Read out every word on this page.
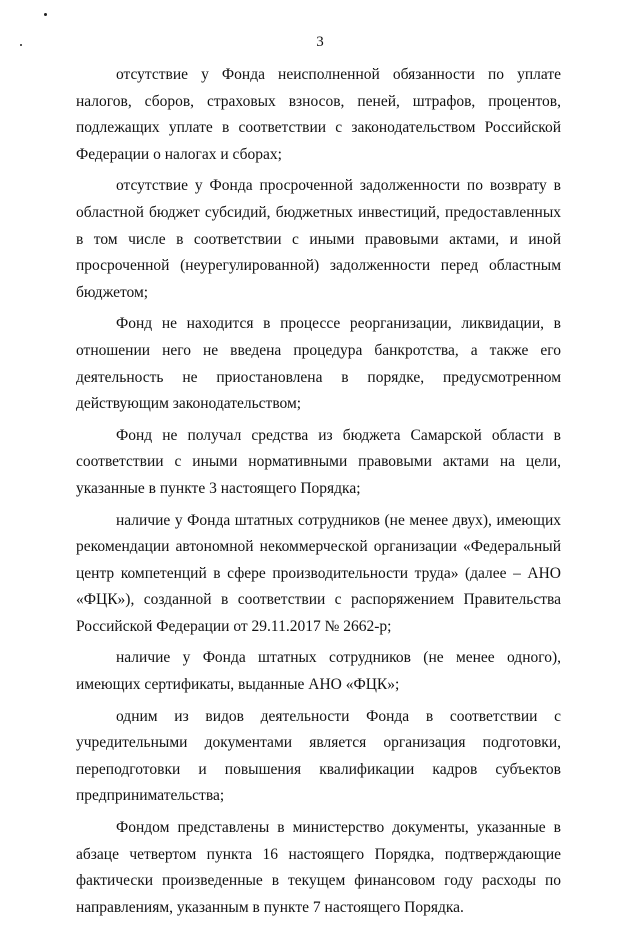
3

отсутствие у Фонда неисполненной обязанности по уплате налогов, сборов, страховых взносов, пеней, штрафов, процентов, подлежащих уплате в соответствии с законодательством Российской Федерации о налогах и сборах;

отсутствие у Фонда просроченной задолженности по возврату в областной бюджет субсидий, бюджетных инвестиций, предоставленных в том числе в соответствии с иными правовыми актами, и иной просроченной (неурегулированной) задолженности перед областным бюджетом;

Фонд не находится в процессе реорганизации, ликвидации, в отношении него не введена процедура банкротства, а также его деятельность не приостановлена в порядке, предусмотренном действующим законодательством;

Фонд не получал средства из бюджета Самарской области в соответствии с иными нормативными правовыми актами на цели, указанные в пункте 3 настоящего Порядка;

наличие у Фонда штатных сотрудников (не менее двух), имеющих рекомендации автономной некоммерческой организации «Федеральный центр компетенций в сфере производительности труда» (далее – АНО «ФЦК»), созданной в соответствии с распоряжением Правительства Российской Федерации от 29.11.2017 № 2662-р;

наличие у Фонда штатных сотрудников (не менее одного), имеющих сертификаты, выданные АНО «ФЦК»;

одним из видов деятельности Фонда в соответствии с учредительными документами является организация подготовки, переподготовки и повышения квалификации кадров субъектов предпринимательства;

Фондом представлены в министерство документы, указанные в абзаце четвертом пункта 16 настоящего Порядка, подтверждающие фактически произведенные в текущем финансовом году расходы по направлениям, указанным в пункте 7 настоящего Порядка.
